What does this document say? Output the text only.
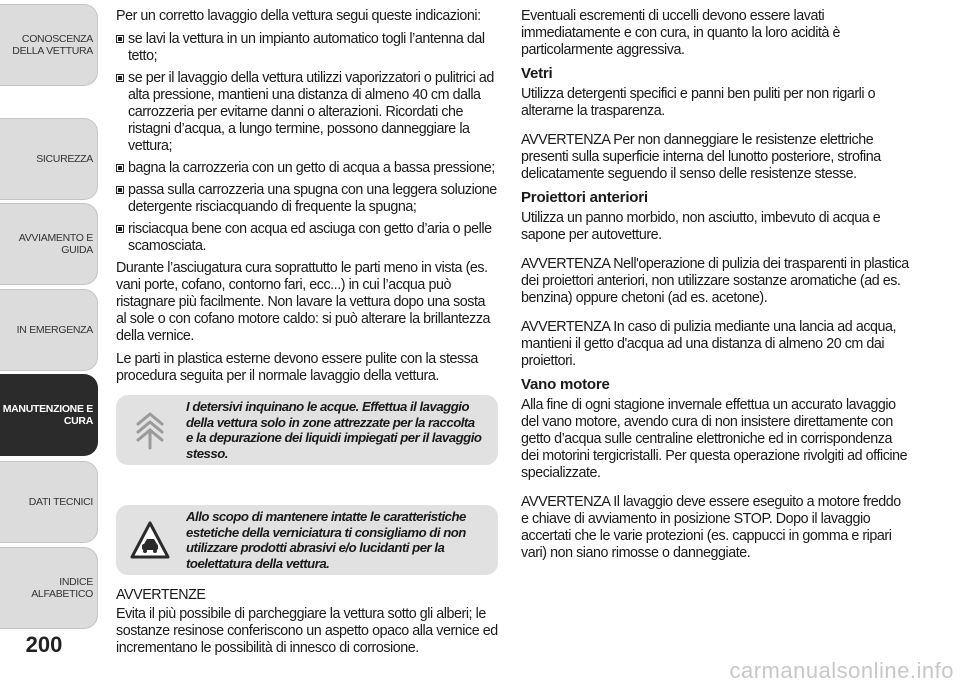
CONOSCENZA
DELLA VETTURA
SICUREZZA
AVVIAMENTO E
GUIDA
IN EMERGENZA
MANUTENZIONE E
CURA
DATI TECNICI
INDICE ALFABETICO
200

Per un corretto lavaggio della vettura segui queste indicazioni:

se lavi la vettura in un impianto automatico togli l’antenna dal tetto;
se per il lavaggio della vettura utilizzi vaporizzatori o pulitrici ad alta pressione, mantieni una distanza di almeno 40 cm dalla carrozzeria per evitarne danni o alterazioni. Ricordati che ristagni d’acqua, a lungo termine, possono danneggiare la vettura;
bagna la carrozzeria con un getto di acqua a bassa pressione;
passa sulla carrozzeria una spugna con una leggera soluzione detergente risciacquando di frequente la spugna;
risciacqua bene con acqua ed asciuga con getto d’aria o pelle scamosciata.

Durante l’asciugatura cura soprattutto le parti meno in vista (es. vani porte, cofano, contorno fari, ecc...) in cui l’acqua può ristagnare più facilmente. Non lavare la vettura dopo una sosta al sole o con cofano motore caldo: si può alterare la brillantezza della vernice.

Le parti in plastica esterne devono essere pulite con la stessa procedura seguita per il normale lavaggio della vettura.

I detersivi inquinano le acque. Effettua il lavaggio della vettura solo in zone attrezzate per la raccolta e la depurazione dei liquidi impiegati per il lavaggio stesso.
Allo scopo di mantenere intatte le caratteristiche estetiche della verniciatura ti consigliamo di non utilizzare prodotti abrasivi e/o lucidanti per la toelettatura della vettura.

AVVERTENZE

Evita il più possibile di parcheggiare la vettura sotto gli alberi; le sostanze resinose conferiscono un aspetto opaco alla vernice ed incrementano le possibilità di innesco di corrosione.

Eventuali escrementi di uccelli devono essere lavati immediatamente e con cura, in quanto la loro acidità è particolarmente aggressiva.

Vetri

Utilizza detergenti specifici e panni ben puliti per non rigarli o alterarne la trasparenza.

AVVERTENZA Per non danneggiare le resistenze elettriche presenti sulla superficie interna del lunotto posteriore, strofina delicatamente seguendo il senso delle resistenze stesse.

Proiettori anteriori

Utilizza un panno morbido, non asciutto, imbevuto di acqua e sapone per autovetture.

AVVERTENZA Nell'operazione di pulizia dei trasparenti in plastica dei proiettori anteriori, non utilizzare sostanze aromatiche (ad es. benzina) oppure chetoni (ad es. acetone).

AVVERTENZA In caso di pulizia mediante una lancia ad acqua, mantieni il getto d'acqua ad una distanza di almeno 20 cm dai proiettori.

Vano motore

Alla fine di ogni stagione invernale effettua un accurato lavaggio del vano motore, avendo cura di non insistere direttamente con getto d’acqua sulle centraline elettroniche ed in corrispondenza dei motorini tergicristalli. Per questa operazione rivolgiti ad officine specializzate.

AVVERTENZA Il lavaggio deve essere eseguito a motore freddo e chiave di avviamento in posizione STOP. Dopo il lavaggio accertati che le varie protezioni (es. cappucci in gomma e ripari vari) non siano rimosse o danneggiate.

carmanualsonline.info
